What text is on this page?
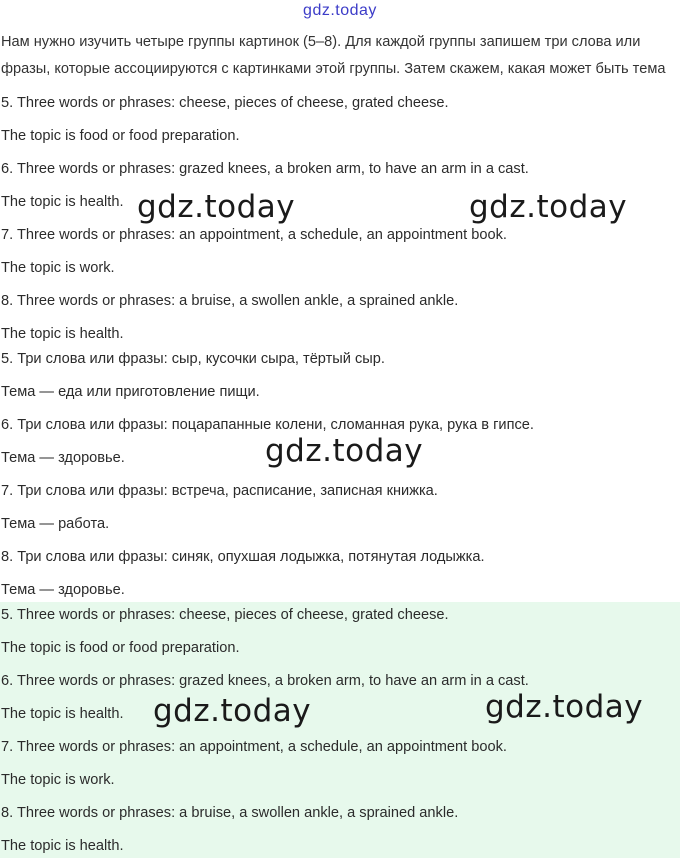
gdz.today
Нам нужно изучить четыре группы картинок (5–8). Для каждой группы запишем три слова или фразы, которые ассоциируются с картинками этой группы. Затем скажем, какая может быть тема
5. Three words or phrases: cheese, pieces of cheese, grated cheese.
The topic is food or food preparation.
6. Three words or phrases: grazed knees, a broken arm, to have an arm in a cast.
The topic is health.
7. Three words or phrases: an appointment, a schedule, an appointment book.
The topic is work.
8. Three words or phrases: a bruise, a swollen ankle, a sprained ankle.
The topic is health.
5. Три слова или фразы: сыр, кусочки сыра, тёртый сыр.
Тема — еда или приготовление пищи.
6. Три слова или фразы: поцарапанные колени, сломанная рука, рука в гипсе.
Тема — здоровье.
7. Три слова или фразы: встреча, расписание, записная книжка.
Тема — работа.
8. Три слова или фразы: синяк, опухшая лодыжка, потянутая лодыжка.
Тема — здоровье.
5. Three words or phrases: cheese, pieces of cheese, grated cheese.
The topic is food or food preparation.
6. Three words or phrases: grazed knees, a broken arm, to have an arm in a cast.
The topic is health.
7. Three words or phrases: an appointment, a schedule, an appointment book.
The topic is work.
8. Three words or phrases: a bruise, a swollen ankle, a sprained ankle.
The topic is health.
gdz.today	gdz.today
gdz.today
gdz.today	gdz.today
